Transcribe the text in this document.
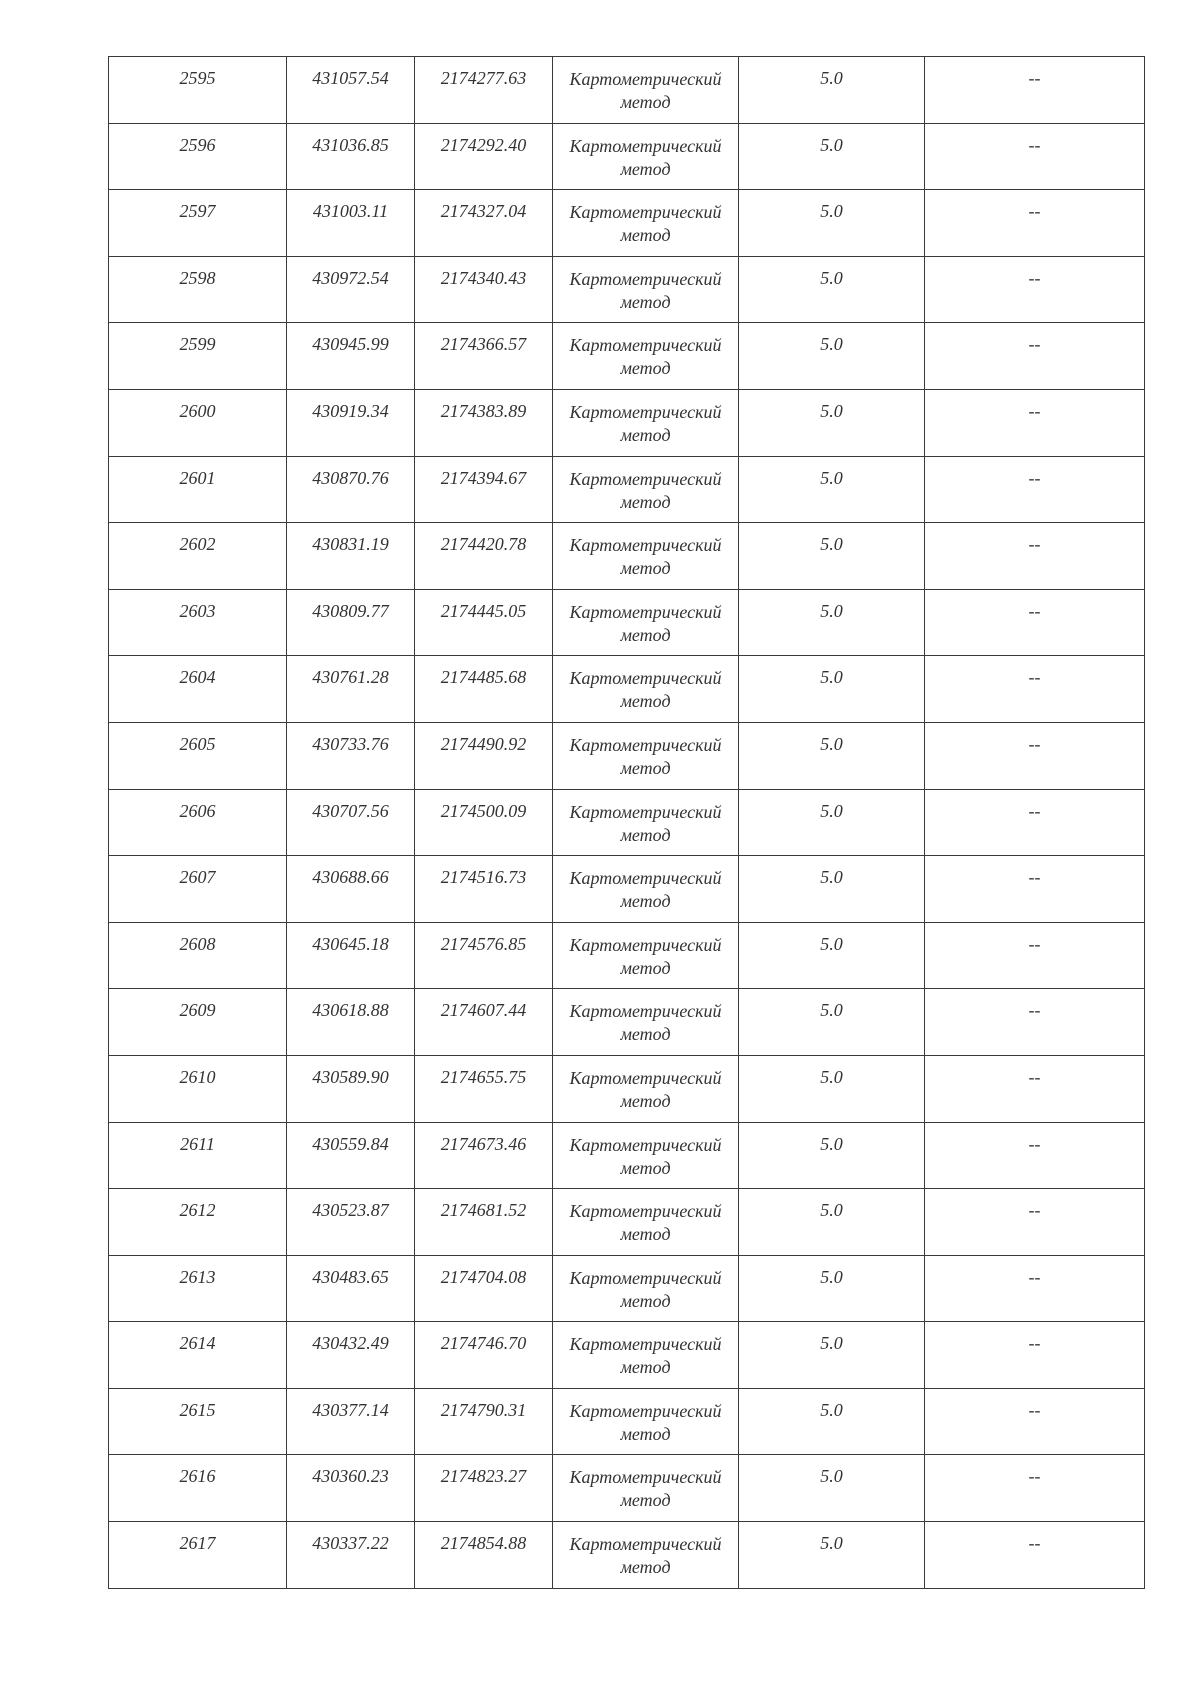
2595	431057.54	2174277.63	Картометрический
метод	5.0	--

2596	431036.85	2174292.40	Картометрический
метод	5.0	--

2597	431003.11	2174327.04	Картометрический
метод	5.0	--

2598	430972.54	2174340.43	Картометрический
метод	5.0	--

2599	430945.99	2174366.57	Картометрический
метод	5.0	--

2600	430919.34	2174383.89	Картометрический
метод	5.0	--

2601	430870.76	2174394.67	Картометрический
метод	5.0	--

2602	430831.19	2174420.78	Картометрический
метод	5.0	--

2603	430809.77	2174445.05	Картометрический
метод	5.0	--

2604	430761.28	2174485.68	Картометрический
метод	5.0	--

2605	430733.76	2174490.92	Картометрический
метод	5.0	--

2606	430707.56	2174500.09	Картометрический
метод	5.0	--

2607	430688.66	2174516.73	Картометрический
метод	5.0	--

2608	430645.18	2174576.85	Картометрический
метод	5.0	--

2609	430618.88	2174607.44	Картометрический
метод	5.0	--

2610	430589.90	2174655.75	Картометрический
метод	5.0	--

2611	430559.84	2174673.46	Картометрический
метод	5.0	--

2612	430523.87	2174681.52	Картометрический
метод	5.0	--

2613	430483.65	2174704.08	Картометрический
метод	5.0	--

2614	430432.49	2174746.70	Картометрический
метод	5.0	--

2615	430377.14	2174790.31	Картометрический
метод	5.0	--

2616	430360.23	2174823.27	Картометрический
метод	5.0	--

2617	430337.22	2174854.88	Картометрический
метод	5.0	--
